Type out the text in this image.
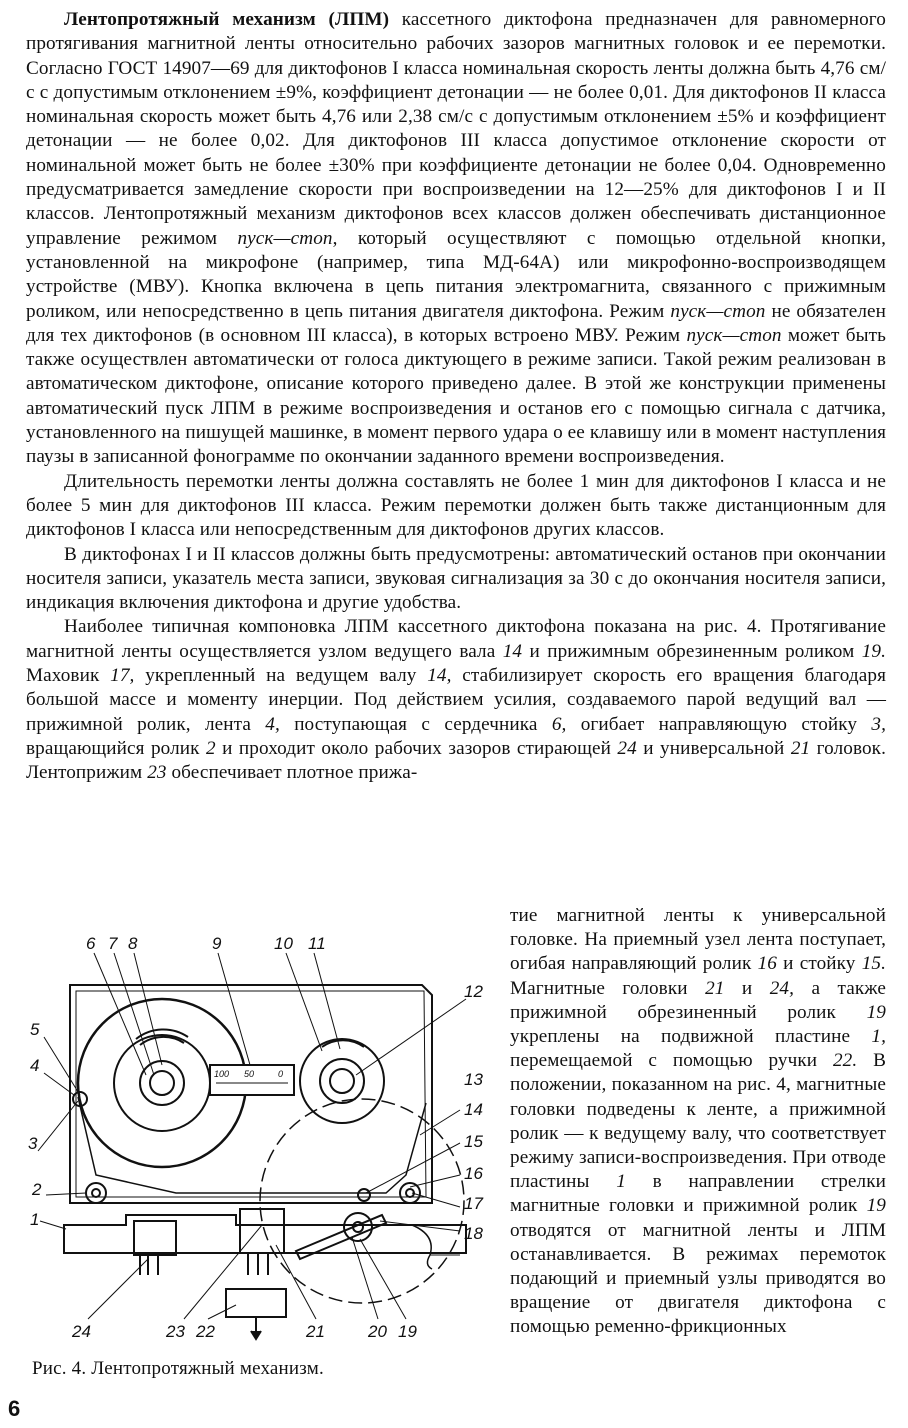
Лентопротяжный механизм (ЛПМ) кассетного диктофона предназначен для равномерного протягивания магнитной ленты относительно рабочих зазоров магнитных головок и ее перемотки. Согласно ГОСТ 14907—69 для диктофонов I класса номинальная скорость ленты должна быть 4,76 см/с с допустимым отклонением ±9%, коэффициент детонации — не более 0,01. Для диктофонов II класса номинальная скорость может быть 4,76 или 2,38 см/с с допустимым отклонением ±5% и коэффициент детонации — не более 0,02. Для диктофонов III класса допустимое отклонение скорости от номинальной может быть не более ±30% при коэффициенте детонации не более 0,04. Одновременно предусматривается замедление скорости при воспроизведении на 12—25% для диктофонов I и II классов. Лентопротяжный механизм диктофонов всех классов должен обеспечивать дистанционное управление режимом пуск—стоп, который осуществляют с помощью отдельной кнопки, установленной на микрофоне (например, типа МД-64А) или микрофонно-воспроизводящем устройстве (МВУ). Кнопка включена в цепь питания электромагнита, связанного с прижимным роликом, или непосредственно в цепь питания двигателя диктофона. Режим пуск—стоп не обязателен для тех диктофонов (в основном III класса), в которых встроено МВУ. Режим пуск—стоп может быть также осуществлен автоматически от голоса диктующего в режиме записи. Такой режим реализован в автоматическом диктофоне, описание которого приведено далее. В этой же конструкции применены автоматический пуск ЛПМ в режиме воспроизведения и останов его с помощью сигнала с датчика, установленного на пишущей машинке, в момент первого удара о ее клавишу или в момент наступления паузы в записанной фонограмме по окончании заданного времени воспроизведения.

Длительность перемотки ленты должна составлять не более 1 мин для диктофонов I класса и не более 5 мин для диктофонов III класса. Режим перемотки должен быть также дистанционным для диктофонов I класса или непосредственным для диктофонов других классов.

В диктофонах I и II классов должны быть предусмотрены: автоматический останов при окончании носителя записи, указатель места записи, звуковая сигнализация за 30 с до окончания носителя записи, индикация включения диктофона и другие удобства.

Наиболее типичная компоновка ЛПМ кассетного диктофона показана на рис. 4. Протягивание магнитной ленты осуществляется узлом ведущего вала 14 и прижимным обрезиненным роликом 19. Маховик 17, укрепленный на ведущем валу 14, стабилизирует скорость его вращения благодаря большой массе и моменту инерции. Под действием усилия, создаваемого парой ведущий вал — прижимной ролик, лента 4, поступающая с сердечника 6, огибает направляющую стойку 3, вращающийся ролик 2 и проходит около рабочих зазоров стирающей 24 и универсальной 21 головок. Лентоприжим 23 обеспечивает плотное прижа-

тие магнитной ленты к универсальной головке. На приемный узел лента поступает, огибая направляющий ролик 16 и стойку 15. Магнитные головки 21 и 24, а также прижимной обрезиненный ролик 19 укреплены на подвижной пластине 1, перемещаемой с помощью ручки 22. В положении, показанном на рис. 4, магнитные головки подведены к ленте, а прижимной ролик — к ведущему валу, что соответствует режиму записи-воспроизведения. При отводе пластины 1 в направлении стрелки магнитные головки и прижимной ролик 19 отводятся от магнитной ленты и ЛПМ останавливается. В режимах перемоток подающий и приемный узлы приводятся во вращение от двигателя диктофона с помощью ременно-фрикционных

100 50	0
6 7 8	9	10 11
12
5
4
3
2
1
13
14
15
16
17
18
24	23 22	21	20 19
Рис. 4. Лентопротяжный механизм.
6
